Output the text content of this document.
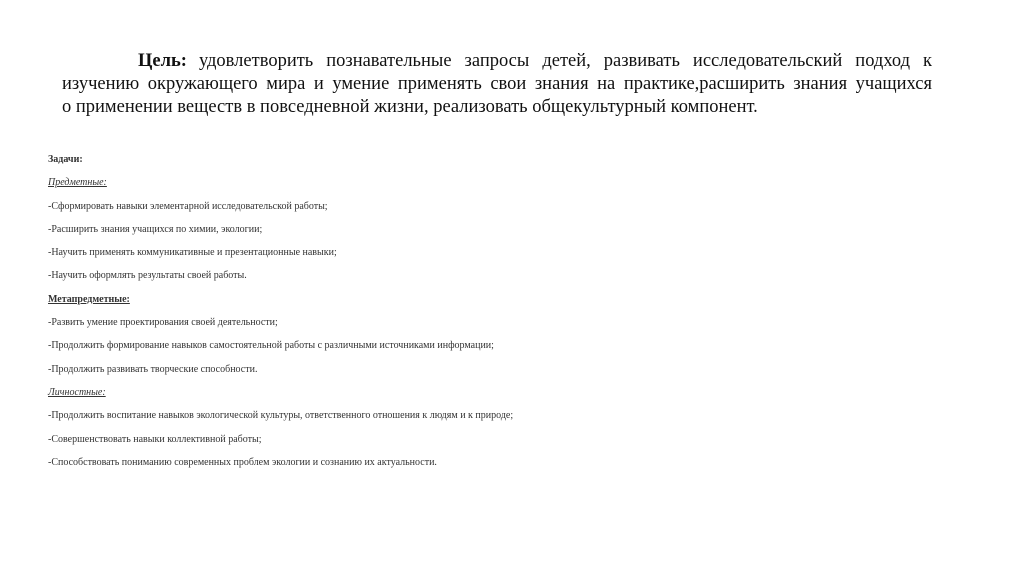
Цель: удовлетворить познавательные запросы детей, развивать исследовательский подход к
изучению окружающего мира и умение применять свои знания на практике,расширить знания учащихся
о применении веществ в повседневной жизни, реализовать общекультурный компонент.
Задачи:
Предметные:
-Сформировать навыки элементарной исследовательской работы;
-Расширить знания учащихся по химии, экологии;
-Научить применять коммуникативные и презентационные навыки;
-Научить оформлять результаты своей работы.
Метапредметные:
-Развить умение проектирования своей деятельности;
-Продолжить формирование навыков самостоятельной работы с различными источниками информации;
-Продолжить развивать творческие способности.
Личностные:
-Продолжить воспитание навыков экологической культуры, ответственного отношения к людям и к природе;
-Совершенствовать навыки коллективной работы;
-Способствовать пониманию современных проблем экологии и сознанию их актуальности.
